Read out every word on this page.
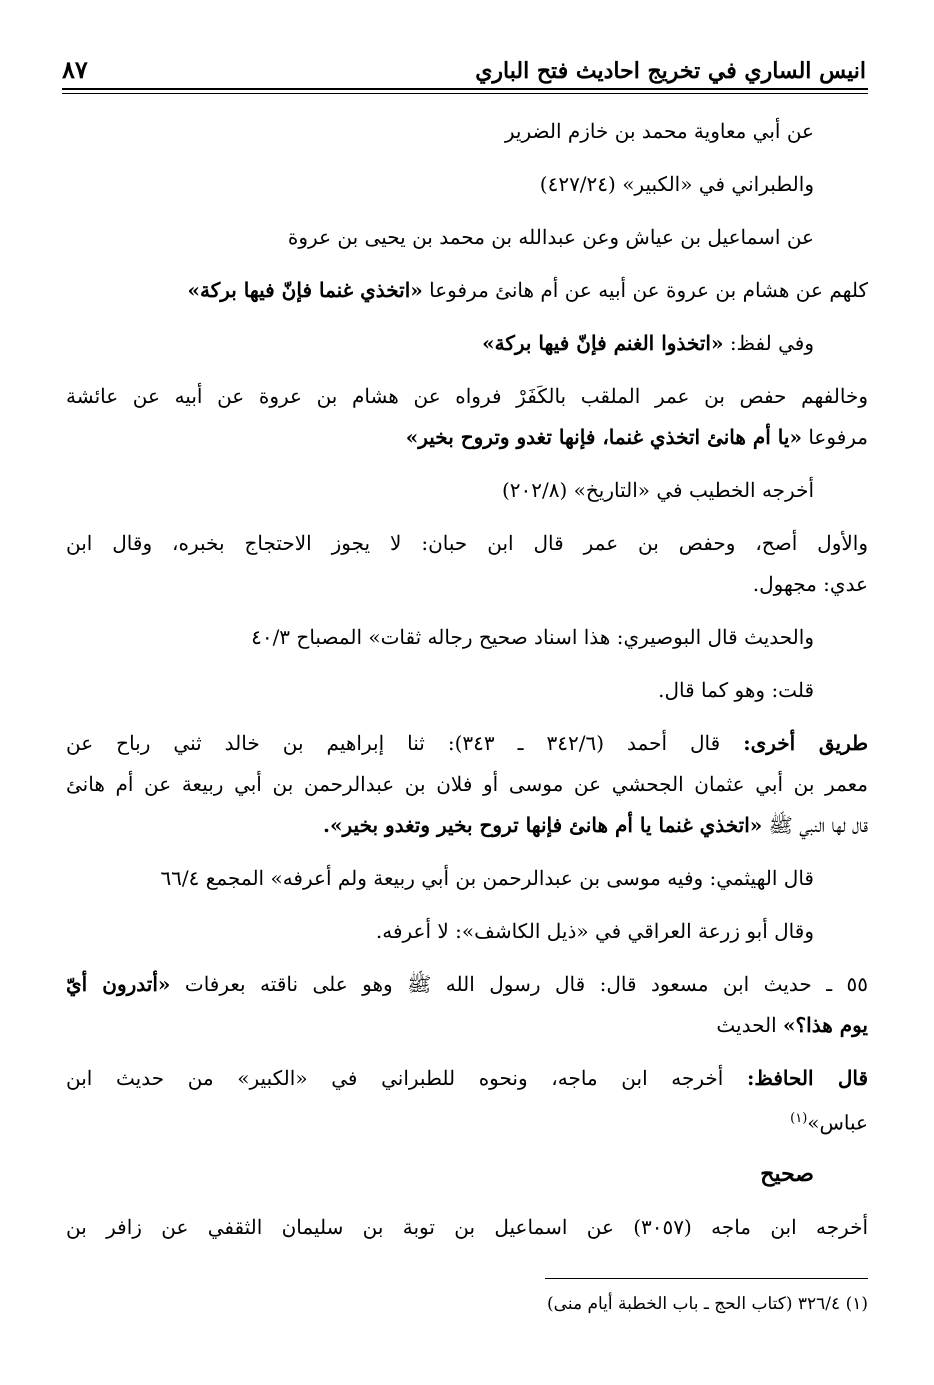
انيس الساري في تخريج احاديث فتح الباري
٨٧
عن أبي معاوية محمد بن خازم الضرير
والطبراني في «الكبير» (٤٢٧/٢٤)
عن اسماعيل بن عياش وعن عبدالله بن محمد بن يحيى بن عروة
كلهم عن هشام بن عروة عن أبيه عن أم هانئ مرفوعا «اتخذي غنما فإنّ فيها بركة»
وفي لفظ: «اتخذوا الغنم فإنّ فيها بركة»
وخالفهم حفص بن عمر الملقب بالكَفَرْ فرواه عن هشام بن عروة عن أبيه عن عائشة
مرفوعا «يا أم هانئ اتخذي غنما، فإنها تغدو وتروح بخير»
أخرجه الخطيب في «التاريخ» (٢٠٢/٨)
والأول أصح، وحفص بن عمر قال ابن حبان: لا يجوز الاحتجاج بخبره، وقال ابن
عدي: مجهول.
والحديث قال البوصيري: هذا اسناد صحيح رجاله ثقات» المصباح ٤٠/٣
قلت: وهو كما قال.
طريق أخرى: قال أحمد (٣٤٢/٦ ـ ٣٤٣): ثنا إبراهيم بن خالد ثني رباح عن
معمر بن أبي عثمان الجحشي عن موسى أو فلان بن عبدالرحمن بن أبي ربيعة عن أم هانئ
قال لها النبي ﷺ «اتخذي غنما يا أم هانئ فإنها تروح بخير وتغدو بخير».
قال الهيثمي: وفيه موسى بن عبدالرحمن بن أبي ربيعة ولم أعرفه» المجمع ٦٦/٤
وقال أبو زرعة العراقي في «ذيل الكاشف»: لا أعرفه.
٥٥ ـ حديث ابن مسعود قال: قال رسول الله ﷺ وهو على ناقته بعرفات «أتدرون أيّ
يوم هذا؟» الحديث
قال الحافظ: أخرجه ابن ماجه، ونحوه للطبراني في «الكبير» من حديث ابن
عباس»$^{(١)}$
صحيح
أخرجه ابن ماجه (٣٠٥٧) عن اسماعيل بن توبة بن سليمان الثقفي عن زافر بن
(١) ٣٢٦/٤ (كتاب الحج ـ باب الخطبة أيام منى)
